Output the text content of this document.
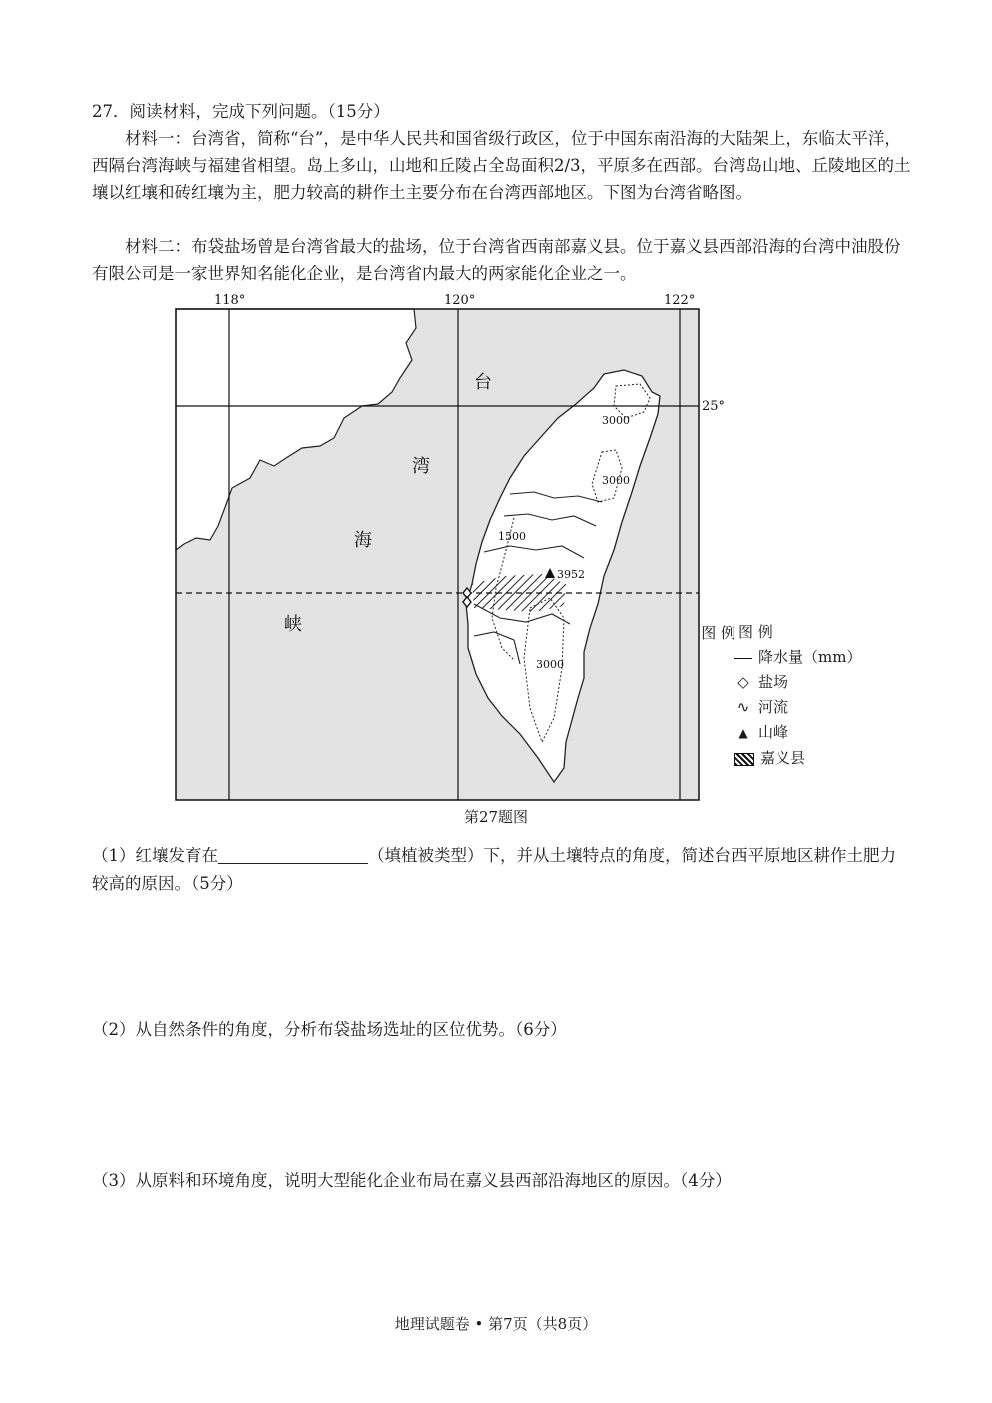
27．阅读材料，完成下列问题。（15分）

材料一：台湾省，简称“台”，是中华人民共和国省级行政区，位于中国东南沿海的大陆架上，东临太平洋，西隔台湾海峡与福建省相望。岛上多山，山地和丘陵占全岛面积2/3，平原多在西部。台湾岛山地、丘陵地区的土壤以红壤和砖红壤为主，肥力较高的耕作土主要分布在台湾西部地区。下图为台湾省略图。

材料二：布袋盐场曾是台湾省最大的盐场，位于台湾省西南部嘉义县。位于嘉义县西部沿海的台湾中油股份有限公司是一家世界知名能化企业，是台湾省内最大的两家能化企业之一。

118°	120°	122°
25°
台
湾
海
峡
3000
3000
1500
3000
3952
图 例 图 例
降水量（mm）
◇ 盐场
∿ 河流
▲ 山峰
嘉义县
第27题图

（1）红壤发育在	（填植被类型）下，并从土壤特点的角度，简述台西平原地区耕作土肥力较高的原因。（5分）

（2）从自然条件的角度，分析布袋盐场选址的区位优势。（6分）

（3）从原料和环境角度，说明大型能化企业布局在嘉义县西部沿海地区的原因。（4分）

地理试题卷 • 第7页（共8页）
